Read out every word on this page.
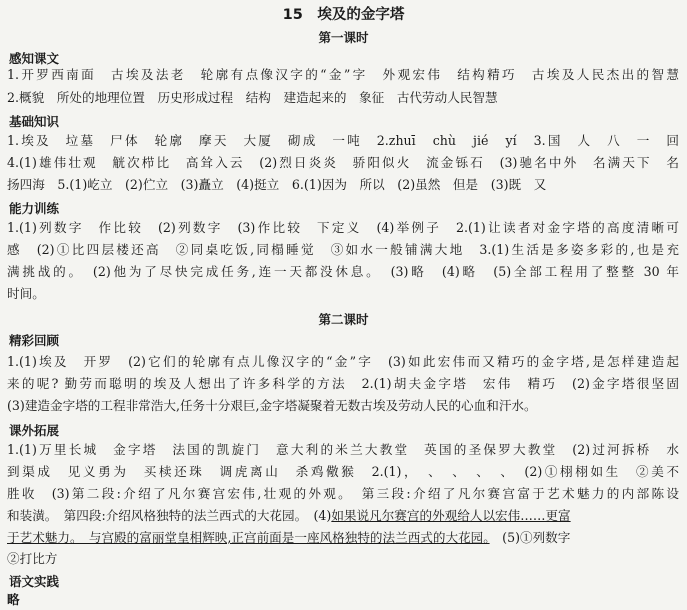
15　埃及的金字塔
第一课时
感知课文
1.开罗西南面　古埃及法老　轮廓有点像汉字的“金”字　外观宏伟　结构精巧　古埃及人民杰出的智慧
2.概貌　所处的地理位置　历史形成过程　结构　建造起来的　象征　古代劳动人民智慧
基础知识
1.埃及　垃墓　尸体　轮廓　摩天　大厦　砌成　一吨　2.zhuī　chù　jié　yí　3.国　人　八　一　回
4.(1)雄伟壮观　觥次栉比　高耸入云　(2)烈日炎炎　骄阳似火　流金铄石　(3)驰名中外　名满天下　名
扬四海　5.(1)屹立　(2)伫立　(3)矗立　(4)挺立　6.(1)因为　所以　(2)虽然　但是　(3)既　又
能力训练
1.(1)列数字　作比较　(2)列数字　(3)作比较　下定义　(4)举例子　2.(1)让读者对金字塔的高度清晰可
感　(2)①比四层楼还高　②同桌吃饭,同榻睡觉　③如水一般铺满大地　3.(1)生活是多姿多彩的,也是充
满挑战的。　(2)他为了尽快完成任务,连一天都没休息。　(3)略　(4)略　(5)全部工程用了整整 30 年
时间。
第二课时
精彩回顾
1.(1)埃及　开罗　(2)它们的轮廓有点儿像汉字的“金”字　(3)如此宏伟而又精巧的金字塔,是怎样建造起
来的呢? 勤劳而聪明的埃及人想出了许多科学的方法　2.(1)胡夫金字塔　宏伟　精巧　(2)金字塔很坚固
(3)建造金字塔的工程非常浩大,任务十分艰巨,金字塔凝聚着无数古埃及劳动人民的心血和汗水。
课外拓展
1.(1)万里长城　金字塔　法国的凯旋门　意大利的米兰大教堂　英国的圣保罗大教堂　(2)过河拆桥　水
到渠成　见义勇为　买椟还珠　调虎离山　杀鸡儆猴　2.(1)，　、　、　、　、　(2)①栩栩如生　②美不
胜收　(3)第二段:介绍了凡尔赛宫宏伟,壮观的外观。　第三段:介绍了凡尔赛宫富于艺术魅力的内部陈设
和装潢。　第四段:介绍风格独特的法兰西式的大花园。　(4)如果说凡尔赛宫的外观给人以宏伟……更富
于艺术魅力。　与宫殿的富丽堂皇相辉映,正宫前面是一座风格独特的法兰西式的大花园。　(5)①列数字
②打比方
语文实践
略
